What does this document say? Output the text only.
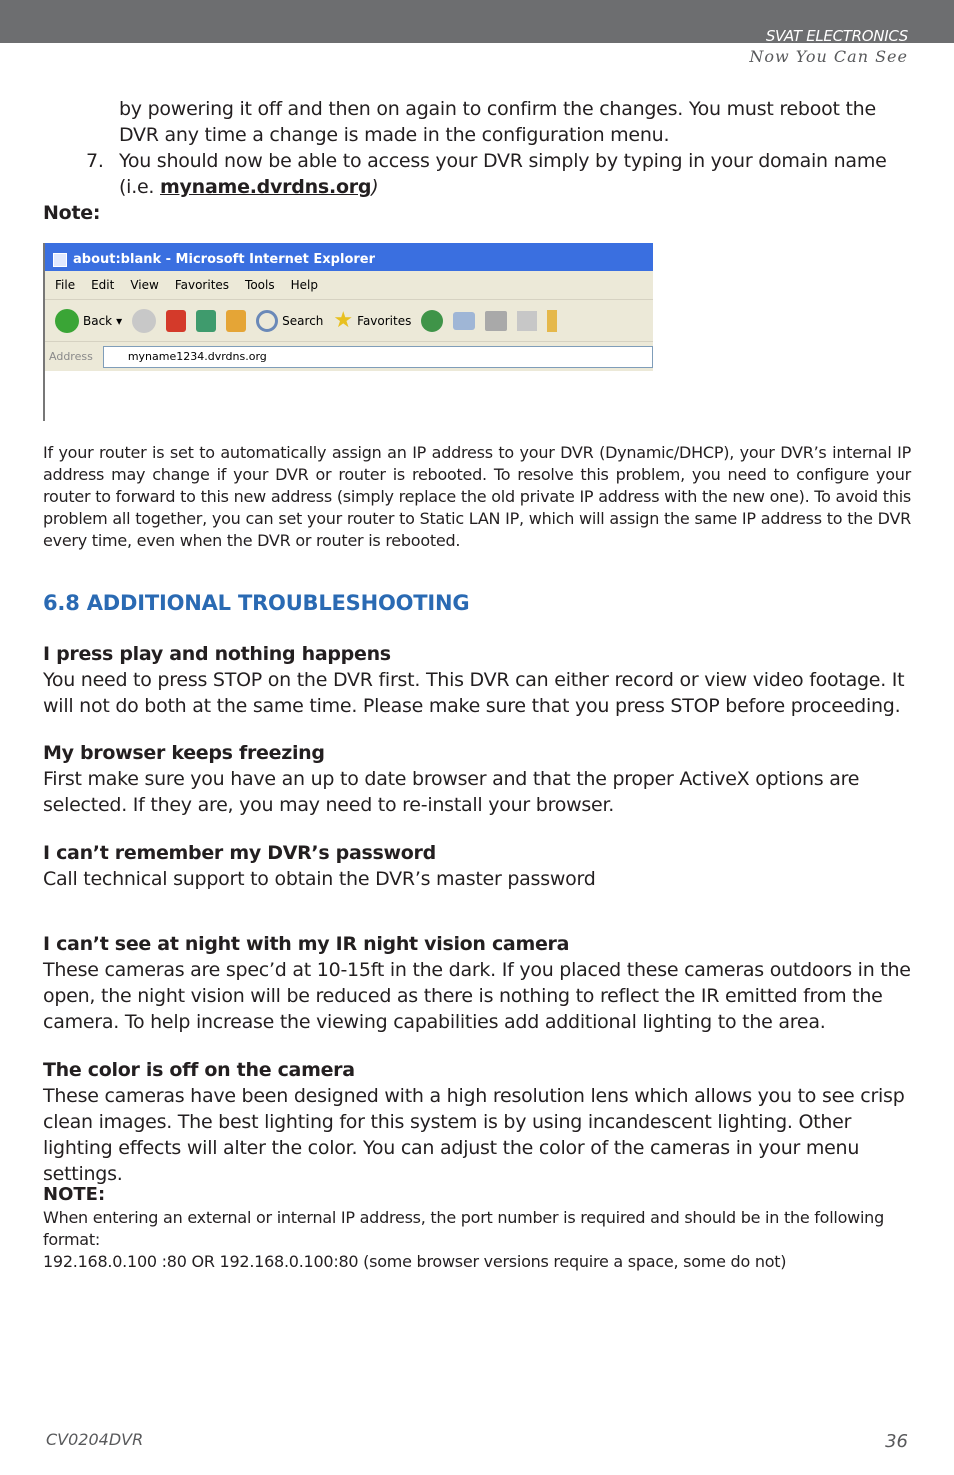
SVAT ELECTRONICS
Now You Can See

by powering it off and then on again to confirm the changes. You must reboot the DVR any time a change is made in the configuration menu.

7. You should now be able to access your DVR simply by typing in your domain name (i.e. myname.dvrdns.org)
Note:
about:blank - Microsoft Internet Explorer
File Edit View Favorites Tools Help
Back ▾	Search ★ Favorites
Address	myname1234.dvrdns.org

If your router is set to automatically assign an IP address to your DVR (Dynamic/DHCP), your DVR’s internal IP address may change if your DVR or router is rebooted. To resolve this problem, you need to configure your router to forward to this new address (simply replace the old private IP address with the new one). To avoid this problem all together, you can set your router to Static LAN IP, which will assign the same IP address to the DVR every time, even when the DVR or router is rebooted.

6.8 ADDITIONAL TROUBLESHOOTING
I press play and nothing happens

You need to press STOP on the DVR first. This DVR can either record or view video footage. It will not do both at the same time. Please make sure that you press STOP before proceeding.

My browser keeps freezing

First make sure you have an up to date browser and that the proper ActiveX options are selected. If they are, you may need to re-install your browser.

I can’t remember my DVR’s password

Call technical support to obtain the DVR’s master password

I can’t see at night with my IR night vision camera

These cameras are spec’d at 10-15ft in the dark. If you placed these cameras outdoors in the open, the night vision will be reduced as there is nothing to reflect the IR emitted from the camera. To help increase the viewing capabilities add additional lighting to the area.

The color is off on the camera

These cameras have been designed with a high resolution lens which allows you to see crisp clean images. The best lighting for this system is by using incandescent lighting. Other lighting effects will alter the color. You can adjust the color of the cameras in your menu settings.

NOTE:

When entering an external or internal IP address, the port number is required and should be in the following format:

192.168.0.100 :80 OR 192.168.0.100:80 (some browser versions require a space, some do not)

CV0204DVR	36
